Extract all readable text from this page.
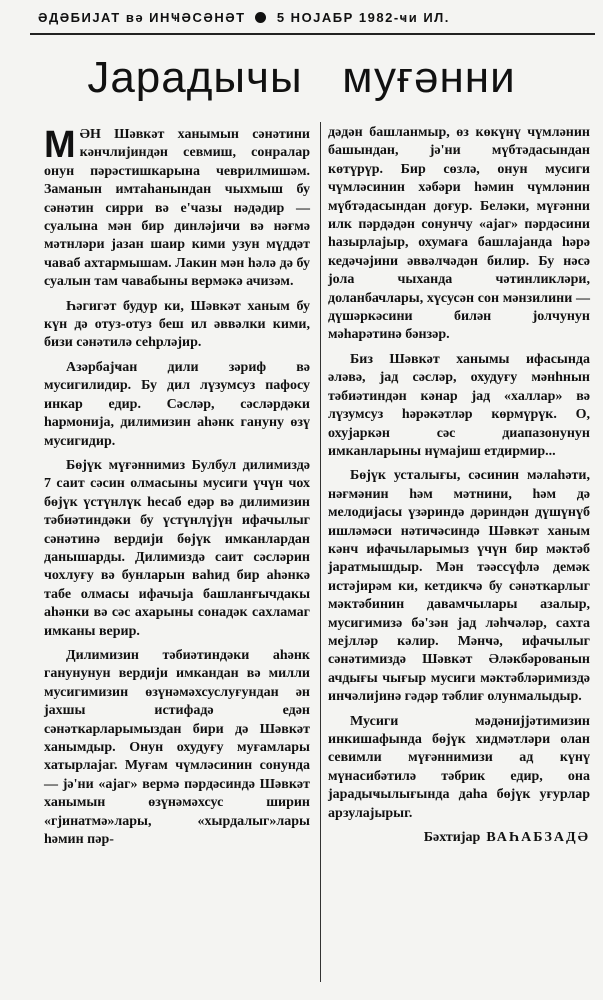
ӘДӘБИЈАТ вә ИНҸӘСӘНӘТ 5 НОЈАБР 1982-ҹи ИЛ.
Јарадычы   муғәнни

МӘН Шәвкәт ханымын сәнәтини кәнчлијиндән севмиш, сонралар онун пәрәстишкарына чеврилмишәм. Заманын имтаһанындан чыхмыш бу сәнәтин сирри вә е'чазы нәдәдир — суалына мән бир динләјичи вә нәғмә мәтнләри јазан шаир кими узун мүддәт чаваб ахтармышам. Лакин мән һәлә дә бу суалын там чавабыны вермәкә ачизәм.

Һәгигәт будур ки, Шәвкәт ханым бу күн дә отуз-отуз беш ил әввәлки кими, бизи сәнәтилә сеһрләјир.

Азәрбајҹан дили зәриф вә мусигилидир. Бу дил лүзумсуз пафосу инкар едир. Сәсләр, сәсләрдәки һармонија, дилимизин аһәнк ганунy өзү мусигидир.

Бөјүк мүғәннимиз Булбул дилимиздә 7 саит сәсин олмасыны мусиги үчүн чох бөјүк үстүнлүк һесаб едәр вә дилимизин тәбиәтиндәки бу үстүнлүјүн ифачылыг сәнәтинә вердији бөјүк имканлардан данышарды. Дилимиздә саит сәсләрин чохлуғу вә бунларын ваһид бир аһәнкә табе олмасы ифачыја башланғычдакы аһәнки вә сәс ахарыны сонадәк сахламаг имканы верир.

Дилимизин тәбиәтиндәки аһәнк ганунунун вердији имкандан вә милли мусигимизин өзүнәмәхсуслуғундан ән јахшы истифадә едән сәнәткарларымыздан бири дә Шәвкәт ханымдыр. Онун охудуғу муғамлары хатырлајаг. Муғам чүмләсинин сонунда — јә'ни «ајаг» вермә пәрдәсиндә Шәвкәт ханымын өзүнәмәхсус ширин «гјинатмә»лары, «хырдалыг»лары һәмин пәр-

дәдән башланмыр, өз көкүнү чүмләнин башындан, јә'ни мүбтәдасындан көтүрүр. Бир сөзлә, онун мусиги чүмләсинин хәбәри һәмин чүмләнин мүбтәдасындан доғур. Беләки, мүғәнни илк пәрдәдән сонунчу «ајаг» пәрдәсини һазырлајыр, охумаға башлајанда һәрә кедәчәјини әввәлҹәдән билир. Бу нәсә јола чыханда чәтинликләри, доланбачлары, хүсусән сон мәнзилини — дүшәркәсини билән јолчунун мәһарәтинә бәнзәр.

Биз Шәвкәт ханымы ифасында әләвә, јад сәсләр, охудуғу мәнһнын тәбиәтиндән кәнар јад «халлар» вә лүзумсуз һәрәкәтләр көрмүрүк. О, охујаркән сәс диапазонунун имканларыны нүмајиш етдирмир...

Бөјүк усталығы, сәсинин мәлаһәти, нәғмәнин һәм мәтнини, һәм дә мелодијасы үзәриндә дәриндән дүшүнүб ишләмәси нәтиҹәсиндә Шәвкәт ханым кәнч ифачыларымыз үчүн бир мәктәб јаратмышдыр. Мән тәәссүфлә демәк истәјирәм ки, кетдикҹә бу сәнәткарлыг мәктәбинин давамчылары азалыр, мусигимизә бә'зән јад ләһҹәләр, сахта мејлләр кәлир. Мәнҹә, ифачылыг сәнәтимиздә Шәвкәт Әләкбәрованын ачдығы чығыр мусиги мәктәбләримиздә инҹәлијинә гәдәр тәблиғ олунмалыдыр.

Мусиги мәдәнијјәтимизин инкишафында бөјүк хидмәтләри олан севимли мүғәннимизи ад күнү мүнасибәтилә тәбрик едир, она јарадыҹылығында даһа бөјүк уғурлар арзулајырыг.

Бәхтијар ВАҺАБЗАДӘ
